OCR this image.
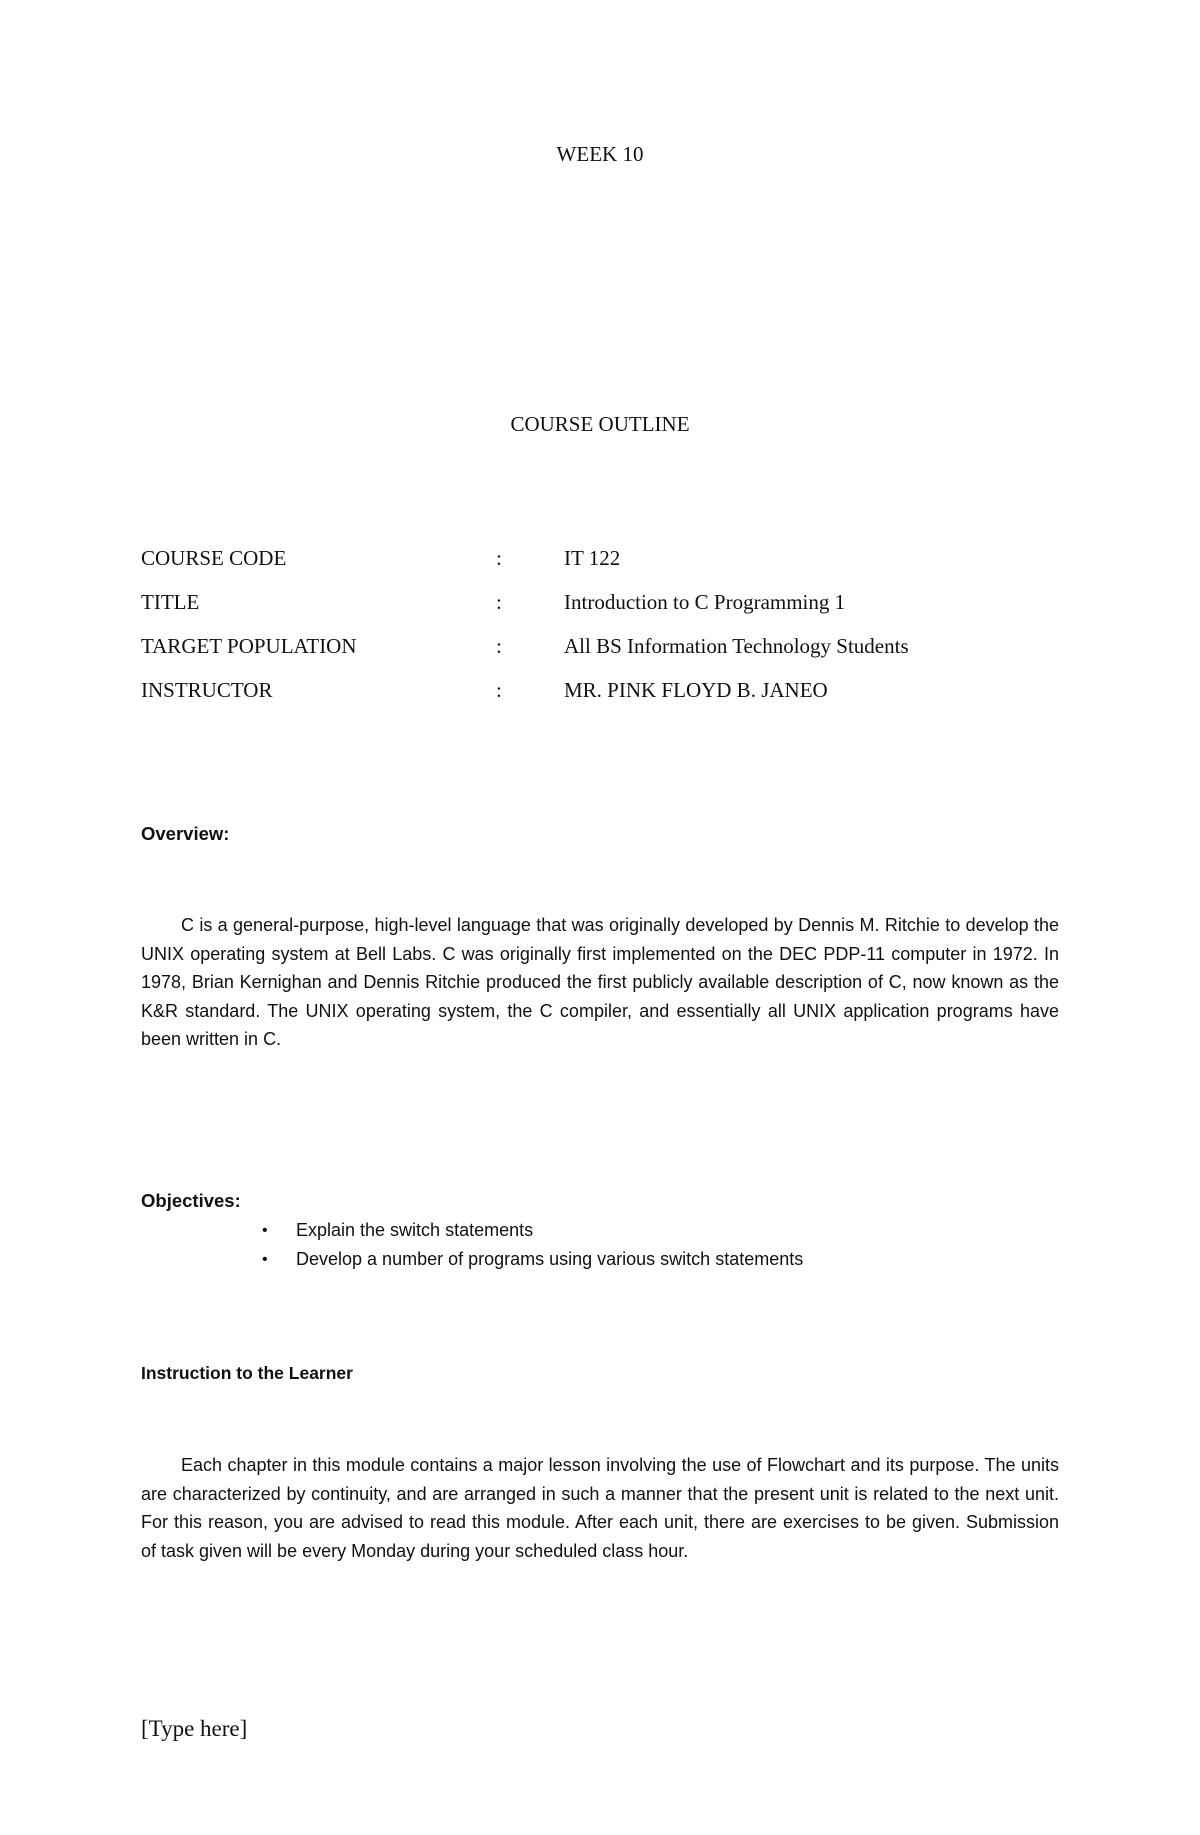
WEEK 10
COURSE OUTLINE
COURSE CODE	:	IT 122
TITLE	:	Introduction to C Programming 1
TARGET POPULATION	:	All BS Information Technology Students
INSTRUCTOR	:	MR. PINK FLOYD B. JANEO
Overview:

C is a general-purpose, high-level language that was originally developed by Dennis M. Ritchie to develop the UNIX operating system at Bell Labs. C was originally first implemented on the DEC PDP-11 computer in 1972. In 1978, Brian Kernighan and Dennis Ritchie produced the first publicly available description of C, now known as the K&R standard. The UNIX operating system, the C compiler, and essentially all UNIX application programs have been written in C.

Objectives:
• Explain the switch statements
• Develop a number of programs using various switch statements
Instruction to the Learner

Each chapter in this module contains a major lesson involving the use of Flowchart and its purpose. The units are characterized by continuity, and are arranged in such a manner that the present unit is related to the next unit. For this reason, you are advised to read this module. After each unit, there are exercises to be given. Submission of task given will be every Monday during your scheduled class hour.

[Type here]
